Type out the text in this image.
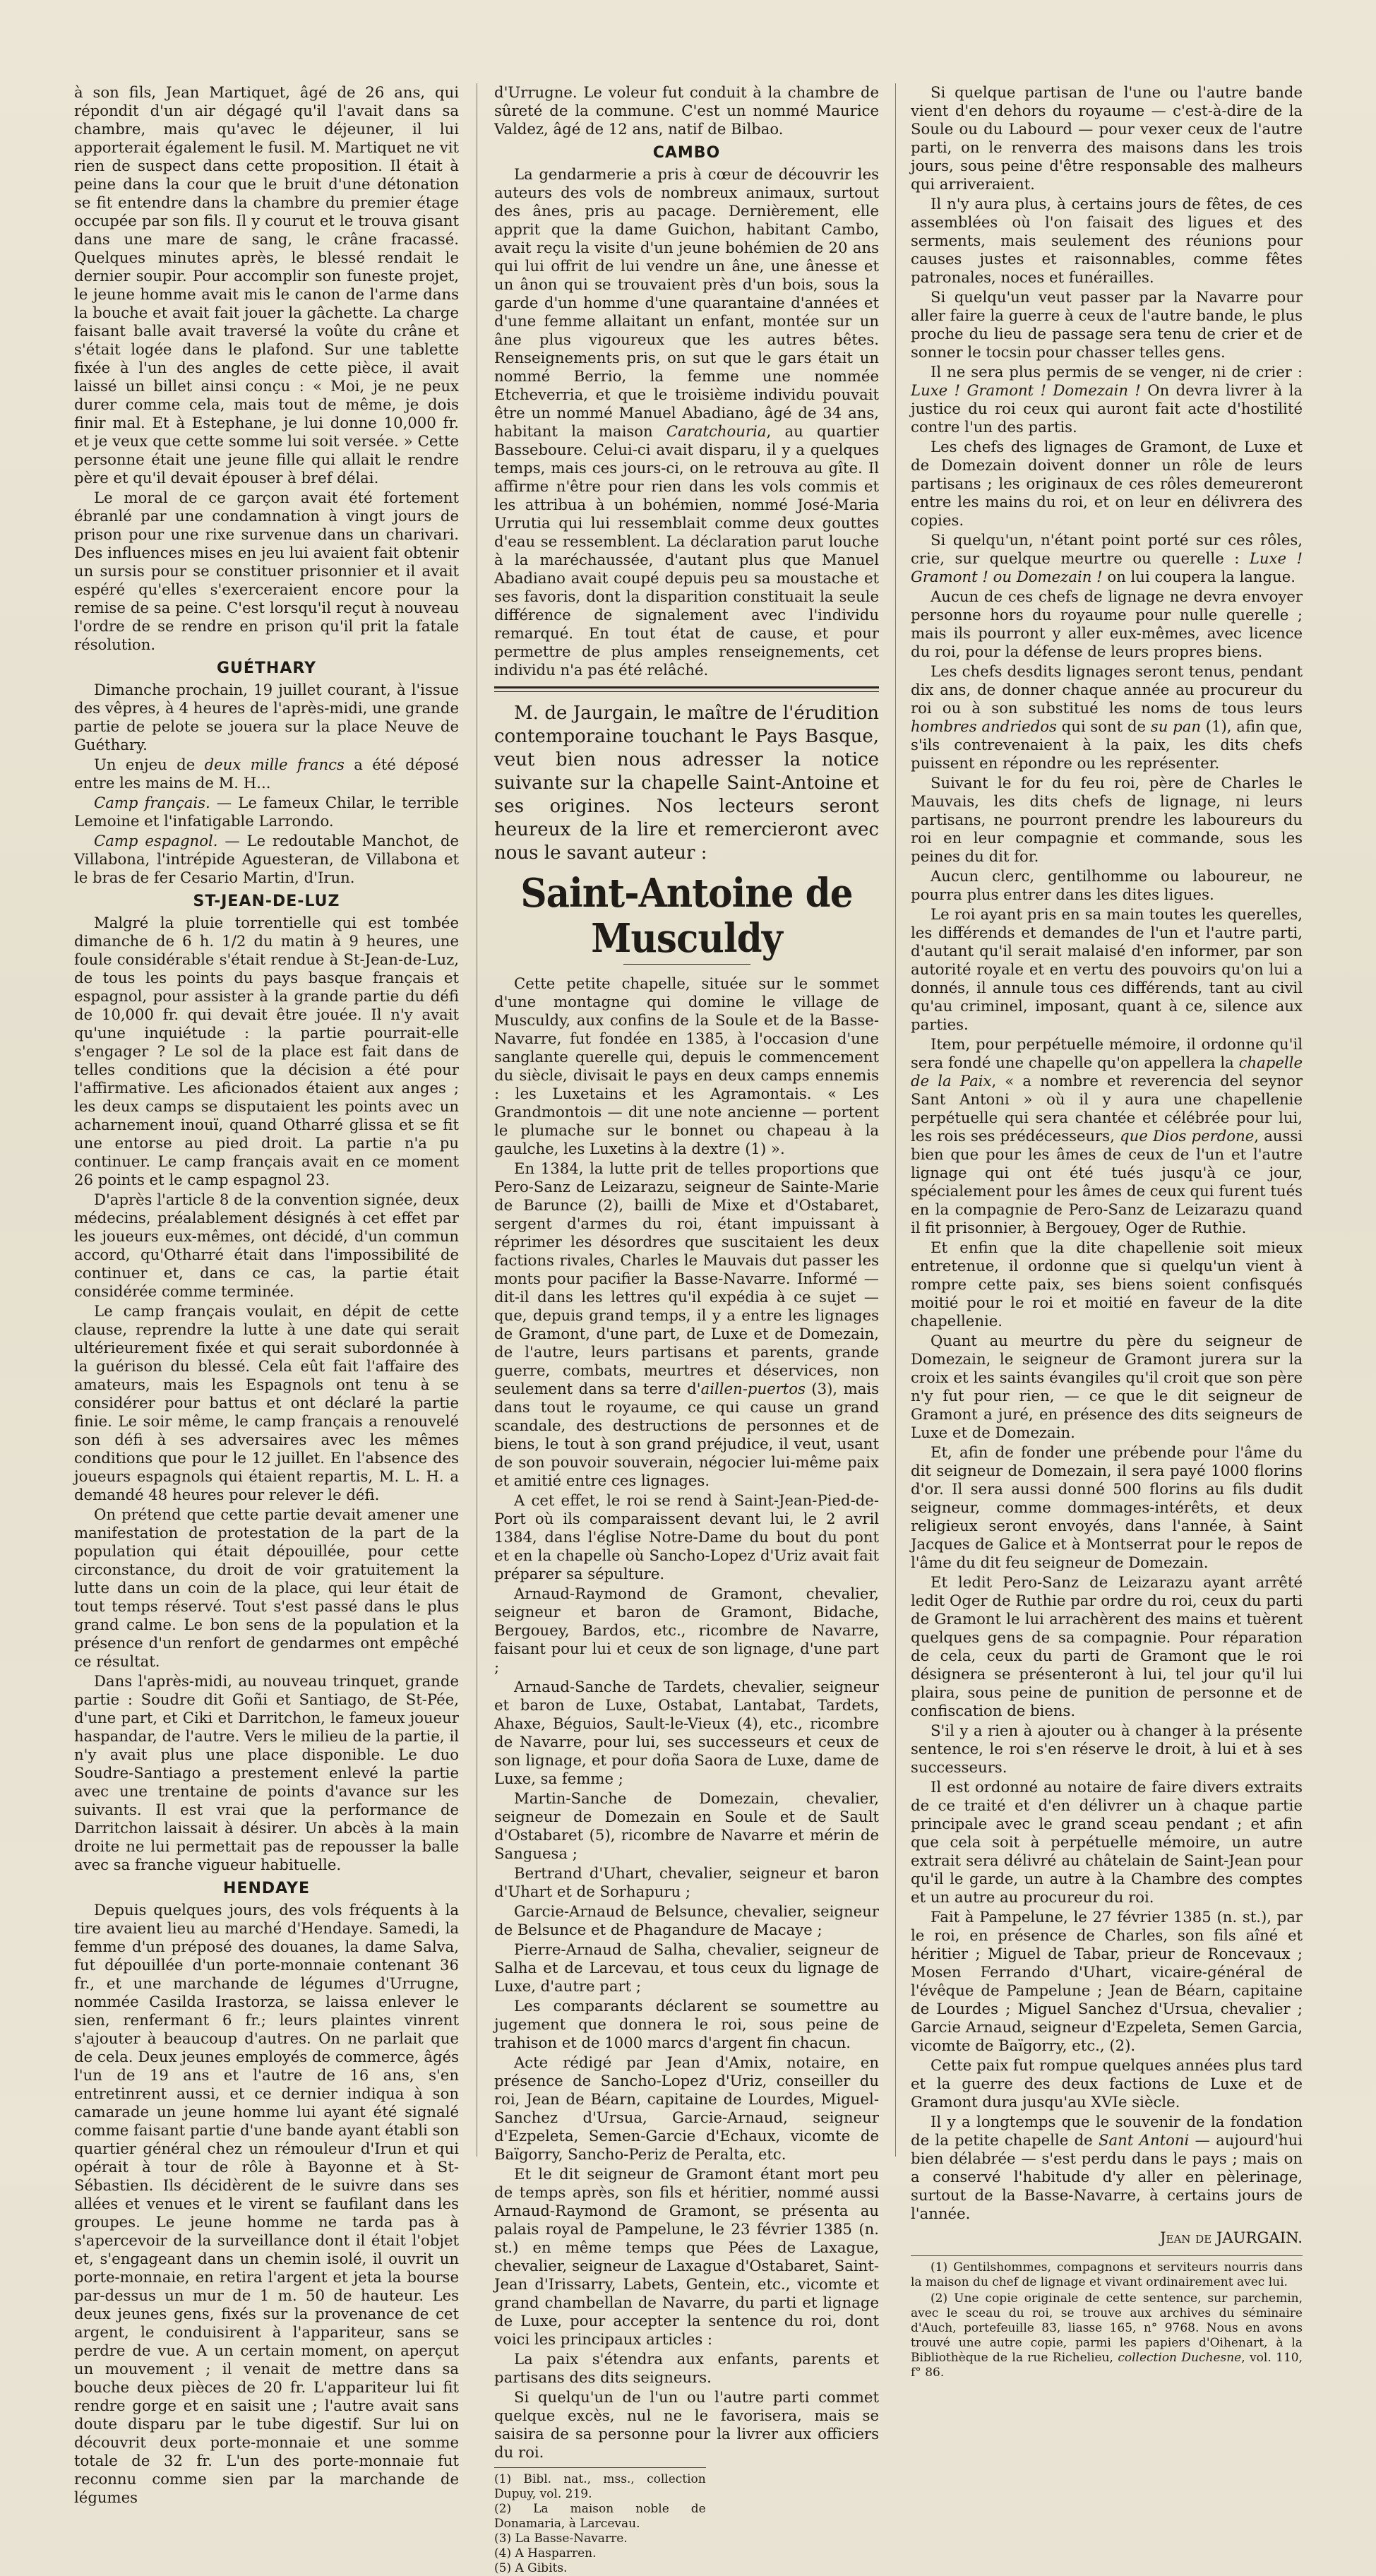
à son fils, Jean Martiquet, âgé de 26 ans, qui répondit d'un air dégagé qu'il l'avait dans sa chambre, mais qu'avec le déjeuner, il lui apporterait également le fusil. M. Martiquet ne vit rien de suspect dans cette proposition. Il était à peine dans la cour que le bruit d'une détonation se fit entendre dans la chambre du premier étage occupée par son fils. Il y courut et le trouva gisant dans une mare de sang, le crâne fracassé. Quelques minutes après, le blessé rendait le dernier soupir. Pour accomplir son funeste projet, le jeune homme avait mis le canon de l'arme dans la bouche et avait fait jouer la gâchette. La charge faisant balle avait traversé la voûte du crâne et s'était logée dans le plafond. Sur une tablette fixée à l'un des angles de cette pièce, il avait laissé un billet ainsi conçu : « Moi, je ne peux durer comme cela, mais tout de même, je dois finir mal. Et à Estephane, je lui donne 10,000 fr. et je veux que cette somme lui soit versée. » Cette personne était une jeune fille qui allait le rendre père et qu'il devait épouser à bref délai.

Le moral de ce garçon avait été fortement ébranlé par une condamnation à vingt jours de prison pour une rixe survenue dans un charivari. Des influences mises en jeu lui avaient fait obtenir un sursis pour se constituer prisonnier et il avait espéré qu'elles s'exerceraient encore pour la remise de sa peine. C'est lorsqu'il reçut à nouveau l'ordre de se rendre en prison qu'il prit la fatale résolution.

GUÉTHARY

Dimanche prochain, 19 juillet courant, à l'issue des vêpres, à 4 heures de l'après-midi, une grande partie de pelote se jouera sur la place Neuve de Guéthary.

Un enjeu de deux mille francs a été déposé entre les mains de M. H...

Camp français. — Le fameux Chilar, le terrible Lemoine et l'infatigable Larrondo.

Camp espagnol. — Le redoutable Manchot, de Villabona, l'intrépide Aguesteran, de Villabona et le bras de fer Cesario Martin, d'Irun.

ST-JEAN-DE-LUZ

Malgré la pluie torrentielle qui est tombée dimanche de 6 h. 1/2 du matin à 9 heures, une foule considérable s'était rendue à St-Jean-de-Luz, de tous les points du pays basque français et espagnol, pour assister à la grande partie du défi de 10,000 fr. qui devait être jouée. Il n'y avait qu'une inquiétude : la partie pourrait-elle s'engager ? Le sol de la place est fait dans de telles conditions que la décision a été pour l'affirmative. Les aficionados étaient aux anges ; les deux camps se disputaient les points avec un acharnement inouï, quand Otharré glissa et se fit une entorse au pied droit. La partie n'a pu continuer. Le camp français avait en ce moment 26 points et le camp espagnol 23.

D'après l'article 8 de la convention signée, deux médecins, préalablement désignés à cet effet par les joueurs eux-mêmes, ont décidé, d'un commun accord, qu'Otharré était dans l'impossibilité de continuer et, dans ce cas, la partie était considérée comme terminée.

Le camp français voulait, en dépit de cette clause, reprendre la lutte à une date qui serait ultérieurement fixée et qui serait subordonnée à la guérison du blessé. Cela eût fait l'affaire des amateurs, mais les Espagnols ont tenu à se considérer pour battus et ont déclaré la partie finie. Le soir même, le camp français a renouvelé son défi à ses adversaires avec les mêmes conditions que pour le 12 juillet. En l'absence des joueurs espagnols qui étaient repartis, M. L. H. a demandé 48 heures pour relever le défi.

On prétend que cette partie devait amener une manifestation de protestation de la part de la population qui était dépouillée, pour cette circonstance, du droit de voir gratuitement la lutte dans un coin de la place, qui leur était de tout temps réservé. Tout s'est passé dans le plus grand calme. Le bon sens de la population et la présence d'un renfort de gendarmes ont empêché ce résultat.

Dans l'après-midi, au nouveau trinquet, grande partie : Soudre dit Goñi et Santiago, de St-Pée, d'une part, et Ciki et Darritchon, le fameux joueur haspandar, de l'autre. Vers le milieu de la partie, il n'y avait plus une place disponible. Le duo Soudre-Santiago a prestement enlevé la partie avec une trentaine de points d'avance sur les suivants. Il est vrai que la performance de Darritchon laissait à désirer. Un abcès à la main droite ne lui permettait pas de repousser la balle avec sa franche vigueur habituelle.

HENDAYE

Depuis quelques jours, des vols fréquents à la tire avaient lieu au marché d'Hendaye. Samedi, la femme d'un préposé des douanes, la dame Salva, fut dépouillée d'un porte-monnaie contenant 36 fr., et une marchande de légumes d'Urrugne, nommée Casilda Irastorza, se laissa enlever le sien, renfermant 6 fr.; leurs plaintes vinrent s'ajouter à beaucoup d'autres. On ne parlait que de cela. Deux jeunes employés de commerce, âgés l'un de 19 ans et l'autre de 16 ans, s'en entretinrent aussi, et ce dernier indiqua à son camarade un jeune homme lui ayant été signalé comme faisant partie d'une bande ayant établi son quartier général chez un rémouleur d'Irun et qui opérait à tour de rôle à Bayonne et à St-Sébastien. Ils décidèrent de le suivre dans ses allées et venues et le virent se faufilant dans les groupes. Le jeune homme ne tarda pas à s'apercevoir de la surveillance dont il était l'objet et, s'engageant dans un chemin isolé, il ouvrit un porte-monnaie, en retira l'argent et jeta la bourse par-dessus un mur de 1 m. 50 de hauteur. Les deux jeunes gens, fixés sur la provenance de cet argent, le conduisirent à l'appariteur, sans se perdre de vue. A un certain moment, on aperçut un mouvement ; il venait de mettre dans sa bouche deux pièces de 20 fr. L'appariteur lui fit rendre gorge et en saisit une ; l'autre avait sans doute disparu par le tube digestif. Sur lui on découvrit deux porte-monnaie et une somme totale de 32 fr. L'un des porte-monnaie fut reconnu comme sien par la marchande de légumes

d'Urrugne. Le voleur fut conduit à la chambre de sûreté de la commune. C'est un nommé Maurice Valdez, âgé de 12 ans, natif de Bilbao.

CAMBO

La gendarmerie a pris à cœur de découvrir les auteurs des vols de nombreux animaux, surtout des ânes, pris au pacage. Dernièrement, elle apprit que la dame Guichon, habitant Cambo, avait reçu la visite d'un jeune bohémien de 20 ans qui lui offrit de lui vendre un âne, une ânesse et un ânon qui se trouvaient près d'un bois, sous la garde d'un homme d'une quarantaine d'années et d'une femme allaitant un enfant, montée sur un âne plus vigoureux que les autres bêtes. Renseignements pris, on sut que le gars était un nommé Berrio, la femme une nommée Etcheverria, et que le troisième individu pouvait être un nommé Manuel Abadiano, âgé de 34 ans, habitant la maison Caratchouria, au quartier Basseboure. Celui-ci avait disparu, il y a quelques temps, mais ces jours-ci, on le retrouva au gîte. Il affirme n'être pour rien dans les vols commis et les attribua à un bohémien, nommé José-Maria Urrutia qui lui ressemblait comme deux gouttes d'eau se ressemblent. La déclaration parut louche à la maréchaussée, d'autant plus que Manuel Abadiano avait coupé depuis peu sa moustache et ses favoris, dont la disparition constituait la seule différence de signalement avec l'individu remarqué. En tout état de cause, et pour permettre de plus amples renseignements, cet individu n'a pas été relâché.

M. de Jaurgain, le maître de l'érudition contemporaine touchant le Pays Basque, veut bien nous adresser la notice suivante sur la chapelle Saint-Antoine et ses origines. Nos lecteurs seront heureux de la lire et remercieront avec nous le savant auteur :

Saint-Antoine de Musculdy

Cette petite chapelle, située sur le sommet d'une montagne qui domine le village de Musculdy, aux confins de la Soule et de la Basse-Navarre, fut fondée en 1385, à l'occasion d'une sanglante querelle qui, depuis le commencement du siècle, divisait le pays en deux camps ennemis : les Luxetains et les Agramontais. « Les Grandmontois — dit une note ancienne — portent le plumache sur le bonnet ou chapeau à la gaulche, les Luxetins à la dextre (1) ».

En 1384, la lutte prit de telles proportions que Pero-Sanz de Leizarazu, seigneur de Sainte-Marie de Barunce (2), bailli de Mixe et d'Ostabaret, sergent d'armes du roi, étant impuissant à réprimer les désordres que suscitaient les deux factions rivales, Charles le Mauvais dut passer les monts pour pacifier la Basse-Navarre. Informé — dit-il dans les lettres qu'il expédia à ce sujet — que, depuis grand temps, il y a entre les lignages de Gramont, d'une part, de Luxe et de Domezain, de l'autre, leurs partisans et parents, grande guerre, combats, meurtres et déservices, non seulement dans sa terre d'aillen-puertos (3), mais dans tout le royaume, ce qui cause un grand scandale, des destructions de personnes et de biens, le tout à son grand préjudice, il veut, usant de son pouvoir souverain, négocier lui-même paix et amitié entre ces lignages.

A cet effet, le roi se rend à Saint-Jean-Pied-de-Port où ils comparaissent devant lui, le 2 avril 1384, dans l'église Notre-Dame du bout du pont et en la chapelle où Sancho-Lopez d'Uriz avait fait préparer sa sépulture.

Arnaud-Raymond de Gramont, chevalier, seigneur et baron de Gramont, Bidache, Bergouey, Bardos, etc., ricombre de Navarre, faisant pour lui et ceux de son lignage, d'une part ;

Arnaud-Sanche de Tardets, chevalier, seigneur et baron de Luxe, Ostabat, Lantabat, Tardets, Ahaxe, Béguios, Sault-le-Vieux (4), etc., ricombre de Navarre, pour lui, ses successeurs et ceux de son lignage, et pour doña Saora de Luxe, dame de Luxe, sa femme ;

Martin-Sanche de Domezain, chevalier, seigneur de Domezain en Soule et de Sault d'Ostabaret (5), ricombre de Navarre et mérin de Sanguesa ;

Bertrand d'Uhart, chevalier, seigneur et baron d'Uhart et de Sorhapuru ;

Garcie-Arnaud de Belsunce, chevalier, seigneur de Belsunce et de Phagandure de Macaye ;

Pierre-Arnaud de Salha, chevalier, seigneur de Salha et de Larcevau, et tous ceux du lignage de Luxe, d'autre part ;

Les comparants déclarent se soumettre au jugement que donnera le roi, sous peine de trahison et de 1000 marcs d'argent fin chacun.

Acte rédigé par Jean d'Amix, notaire, en présence de Sancho-Lopez d'Uriz, conseiller du roi, Jean de Béarn, capitaine de Lourdes, Miguel-Sanchez d'Ursua, Garcie-Arnaud, seigneur d'Ezpeleta, Semen-Garcie d'Echaux, vicomte de Baïgorry, Sancho-Periz de Peralta, etc.

Et le dit seigneur de Gramont étant mort peu de temps après, son fils et héritier, nommé aussi Arnaud-Raymond de Gramont, se présenta au palais royal de Pampelune, le 23 février 1385 (n. st.) en même temps que Pées de Laxague, chevalier, seigneur de Laxague d'Ostabaret, Saint-Jean d'Irissarry, Labets, Gentein, etc., vicomte et grand chambellan de Navarre, du parti et lignage de Luxe, pour accepter la sentence du roi, dont voici les principaux articles :

La paix s'étendra aux enfants, parents et partisans des dits seigneurs.

Si quelqu'un de l'un ou l'autre parti commet quelque excès, nul ne le favorisera, mais se saisira de sa personne pour la livrer aux officiers du roi.

(1) Bibl. nat., mss., collection Dupuy, vol. 219.
(2) La maison noble de Donamaria, à Larcevau.
(3) La Basse-Navarre.
(4) A Hasparren.
(5) A Gibits.

Si quelque partisan de l'une ou l'autre bande vient d'en dehors du royaume — c'est-à-dire de la Soule ou du Labourd — pour vexer ceux de l'autre parti, on le renverra des maisons dans les trois jours, sous peine d'être responsable des malheurs qui arriveraient.

Il n'y aura plus, à certains jours de fêtes, de ces assemblées où l'on faisait des ligues et des serments, mais seulement des réunions pour causes justes et raisonnables, comme fêtes patronales, noces et funérailles.

Si quelqu'un veut passer par la Navarre pour aller faire la guerre à ceux de l'autre bande, le plus proche du lieu de passage sera tenu de crier et de sonner le tocsin pour chasser telles gens.

Il ne sera plus permis de se venger, ni de crier : Luxe ! Gramont ! Domezain ! On devra livrer à la justice du roi ceux qui auront fait acte d'hostilité contre l'un des partis.

Les chefs des lignages de Gramont, de Luxe et de Domezain doivent donner un rôle de leurs partisans ; les originaux de ces rôles demeureront entre les mains du roi, et on leur en délivrera des copies.

Si quelqu'un, n'étant point porté sur ces rôles, crie, sur quelque meurtre ou querelle : Luxe ! Gramont ! ou Domezain ! on lui coupera la langue.

Aucun de ces chefs de lignage ne devra envoyer personne hors du royaume pour nulle querelle ; mais ils pourront y aller eux-mêmes, avec licence du roi, pour la défense de leurs propres biens.

Les chefs desdits lignages seront tenus, pendant dix ans, de donner chaque année au procureur du roi ou à son substitué les noms de tous leurs hombres andriedos qui sont de su pan (1), afin que, s'ils contrevenaient à la paix, les dits chefs puissent en répondre ou les représenter.

Suivant le for du feu roi, père de Charles le Mauvais, les dits chefs de lignage, ni leurs partisans, ne pourront prendre les laboureurs du roi en leur compagnie et commande, sous les peines du dit for.

Aucun clerc, gentilhomme ou laboureur, ne pourra plus entrer dans les dites ligues.

Le roi ayant pris en sa main toutes les querelles, les différends et demandes de l'un et l'autre parti, d'autant qu'il serait malaisé d'en informer, par son autorité royale et en vertu des pouvoirs qu'on lui a donnés, il annule tous ces différends, tant au civil qu'au criminel, imposant, quant à ce, silence aux parties.

Item, pour perpétuelle mémoire, il ordonne qu'il sera fondé une chapelle qu'on appellera la chapelle de la Paix, « a nombre et reverencia del seynor Sant Antoni » où il y aura une chapellenie perpétuelle qui sera chantée et célébrée pour lui, les rois ses prédécesseurs, que Dios perdone, aussi bien que pour les âmes de ceux de l'un et l'autre lignage qui ont été tués jusqu'à ce jour, spécialement pour les âmes de ceux qui furent tués en la compagnie de Pero-Sanz de Leizarazu quand il fit prisonnier, à Bergouey, Oger de Ruthie.

Et enfin que la dite chapellenie soit mieux entretenue, il ordonne que si quelqu'un vient à rompre cette paix, ses biens soient confisqués moitié pour le roi et moitié en faveur de la dite chapellenie.

Quant au meurtre du père du seigneur de Domezain, le seigneur de Gramont jurera sur la croix et les saints évangiles qu'il croit que son père n'y fut pour rien, — ce que le dit seigneur de Gramont a juré, en présence des dits seigneurs de Luxe et de Domezain.

Et, afin de fonder une prébende pour l'âme du dit seigneur de Domezain, il sera payé 1000 florins d'or. Il sera aussi donné 500 florins au fils dudit seigneur, comme dommages-intérêts, et deux religieux seront envoyés, dans l'année, à Saint Jacques de Galice et à Montserrat pour le repos de l'âme du dit feu seigneur de Domezain.

Et ledit Pero-Sanz de Leizarazu ayant arrêté ledit Oger de Ruthie par ordre du roi, ceux du parti de Gramont le lui arrachèrent des mains et tuèrent quelques gens de sa compagnie. Pour réparation de cela, ceux du parti de Gramont que le roi désignera se présenteront à lui, tel jour qu'il lui plaira, sous peine de punition de personne et de confiscation de biens.

S'il y a rien à ajouter ou à changer à la présente sentence, le roi s'en réserve le droit, à lui et à ses successeurs.

Il est ordonné au notaire de faire divers extraits de ce traité et d'en délivrer un à chaque partie principale avec le grand sceau pendant ; et afin que cela soit à perpétuelle mémoire, un autre extrait sera délivré au châtelain de Saint-Jean pour qu'il le garde, un autre à la Chambre des comptes et un autre au procureur du roi.

Fait à Pampelune, le 27 février 1385 (n. st.), par le roi, en présence de Charles, son fils aîné et héritier ; Miguel de Tabar, prieur de Roncevaux ; Mosen Ferrando d'Uhart, vicaire-général de l'évêque de Pampelune ; Jean de Béarn, capitaine de Lourdes ; Miguel Sanchez d'Ursua, chevalier ; Garcie Arnaud, seigneur d'Ezpeleta, Semen Garcia, vicomte de Baïgorry, etc., (2).

Cette paix fut rompue quelques années plus tard et la guerre des deux factions de Luxe et de Gramont dura jusqu'au XVIe siècle.

Il y a longtemps que le souvenir de la fondation de la petite chapelle de Sant Antoni — aujourd'hui bien délabrée — s'est perdu dans le pays ; mais on a conservé l'habitude d'y aller en pèlerinage, surtout de la Basse-Navarre, à certains jours de l'année.

Jean de JAURGAIN.

(1) Gentilshommes, compagnons et serviteurs nourris dans la maison du chef de lignage et vivant ordinairement avec lui.

(2) Une copie originale de cette sentence, sur parchemin, avec le sceau du roi, se trouve aux archives du séminaire d'Auch, portefeuille 83, liasse 165, n° 9768. Nous en avons trouvé une autre copie, parmi les papiers d'Oihenart, à la Bibliothèque de la rue Richelieu, collection Duchesne, vol. 110, f° 86.
